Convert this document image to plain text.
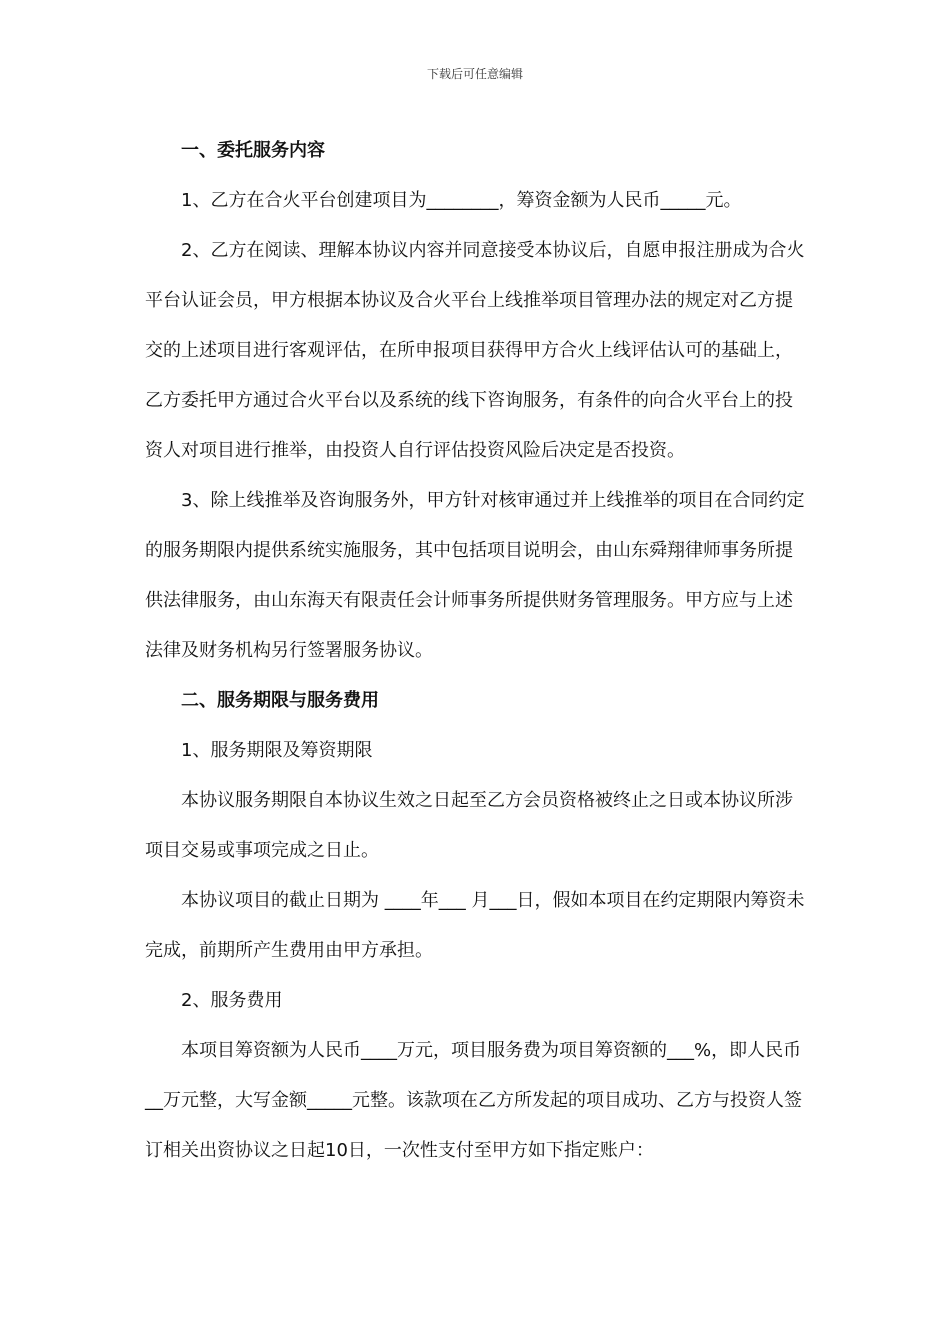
下载后可任意编辑

一、委托服务内容

1、乙方在合火平台创建项目为________，筹资金额为人民币_____元。

2、乙方在阅读、理解本协议内容并同意接受本协议后，自愿申报注册成为合火平台认证会员，甲方根据本协议及合火平台上线推举项目管理办法的规定对乙方提交的上述项目进行客观评估，在所申报项目获得甲方合火上线评估认可的基础上，乙方委托甲方通过合火平台以及系统的线下咨询服务，有条件的向合火平台上的投资人对项目进行推举，由投资人自行评估投资风险后决定是否投资。

3、除上线推举及咨询服务外，甲方针对核审通过并上线推举的项目在合同约定的服务期限内提供系统实施服务，其中包括项目说明会，由山东舜翔律师事务所提供法律服务，由山东海天有限责任会计师事务所提供财务管理服务。甲方应与上述法律及财务机构另行签署服务协议。

二、服务期限与服务费用

1、服务期限及筹资期限

本协议服务期限自本协议生效之日起至乙方会员资格被终止之日或本协议所涉项目交易或事项完成之日止。

本协议项目的截止日期为 ____年___ 月___日，假如本项目在约定期限内筹资未完成，前期所产生费用由甲方承担。

2、服务费用

本项目筹资额为人民币____万元，项目服务费为项目筹资额的___%，即人民币__万元整，大写金额_____元整。该款项在乙方所发起的项目成功、乙方与投资人签订相关出资协议之日起10日，一次性支付至甲方如下指定账户：
